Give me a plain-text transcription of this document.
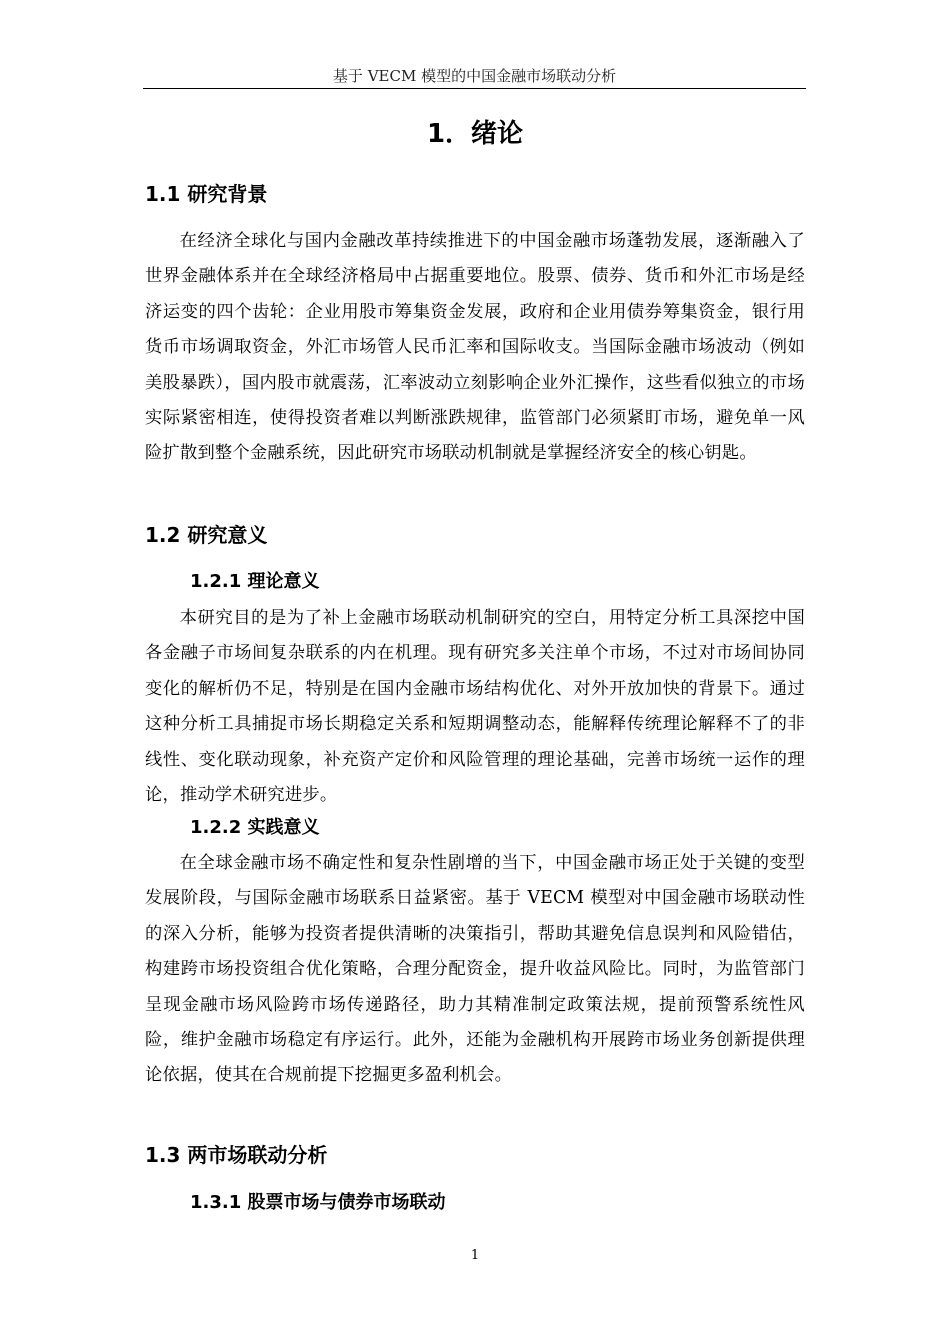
基于 VECM 模型的中国金融市场联动分析
1．绪论
1.1 研究背景

在经济全球化与国内金融改革持续推进下的中国金融市场蓬勃发展，逐渐融入了世界金融体系并在全球经济格局中占据重要地位。股票、债券、货币和外汇市场是经济运变的四个齿轮：企业用股市筹集资金发展，政府和企业用债券筹集资金，银行用货币市场调取资金，外汇市场管人民币汇率和国际收支。当国际金融市场波动（例如美股暴跌），国内股市就震荡，汇率波动立刻影响企业外汇操作，这些看似独立的市场实际紧密相连，使得投资者难以判断涨跌规律，监管部门必须紧盯市场，避免单一风险扩散到整个金融系统，因此研究市场联动机制就是掌握经济安全的核心钥匙。

1.2 研究意义
1.2.1 理论意义

本研究目的是为了补上金融市场联动机制研究的空白，用特定分析工具深挖中国各金融子市场间复杂联系的内在机理。现有研究多关注单个市场，不过对市场间协同变化的解析仍不足，特别是在国内金融市场结构优化、对外开放加快的背景下。通过这种分析工具捕捉市场长期稳定关系和短期调整动态，能解释传统理论解释不了的非线性、变化联动现象，补充资产定价和风险管理的理论基础，完善市场统一运作的理论，推动学术研究进步。

1.2.2 实践意义

在全球金融市场不确定性和复杂性剧增的当下，中国金融市场正处于关键的变型发展阶段，与国际金融市场联系日益紧密。基于 VECM 模型对中国金融市场联动性的深入分析，能够为投资者提供清晰的决策指引，帮助其避免信息误判和风险错估，构建跨市场投资组合优化策略，合理分配资金，提升收益风险比。同时，为监管部门呈现金融市场风险跨市场传递路径，助力其精准制定政策法规，提前预警系统性风险，维护金融市场稳定有序运行。此外，还能为金融机构开展跨市场业务创新提供理论依据，使其在合规前提下挖掘更多盈利机会。

1.3 两市场联动分析
1.3.1 股票市场与债券市场联动
1
